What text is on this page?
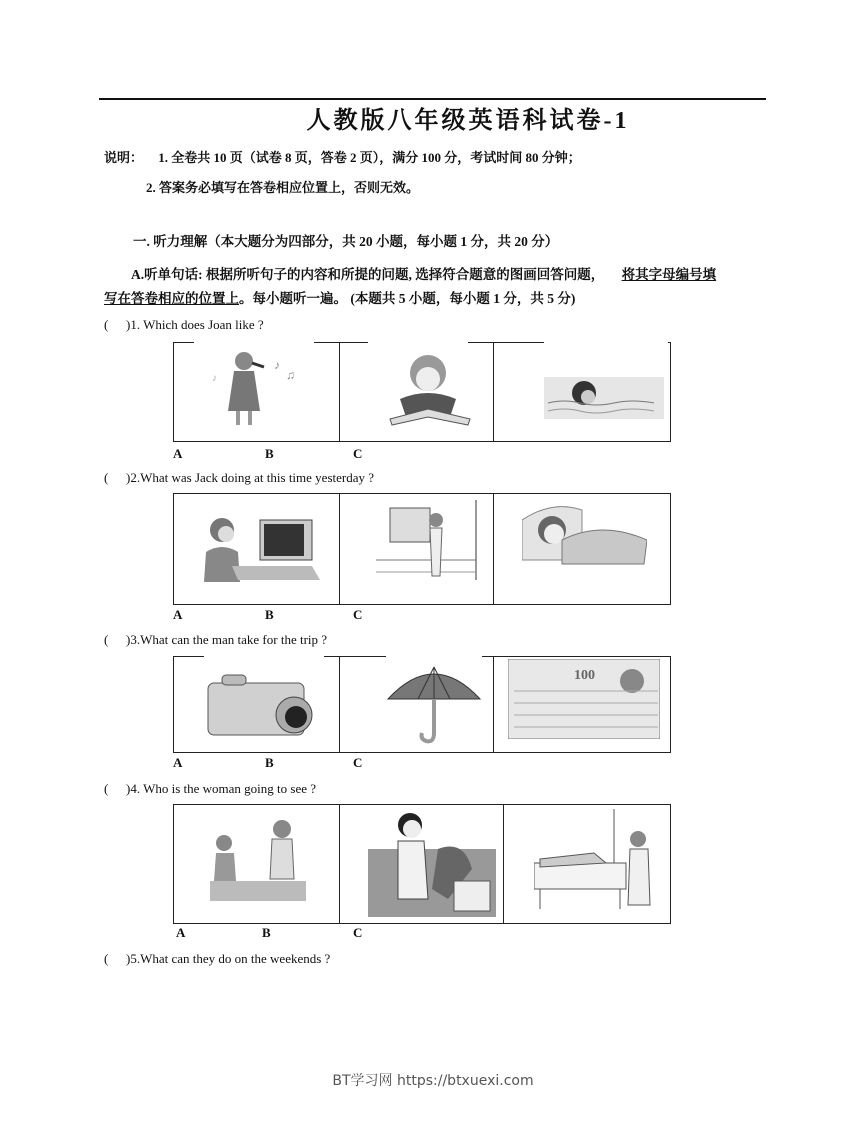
人教版八年级英语科试卷-1
说明： 1. 全卷共 10 页（试卷 8 页，答卷 2 页），满分 100 分，考试时间 80 分钟；
2. 答案务必填写在答卷相应位置上，否则无效。
一. 听力理解（本大题分为四部分，共 20 小题，每小题 1 分，共 20 分）
A.听单句话: 根据所听句子的内容和所提的问题, 选择符合题意的图画回答问题， 将其字母编号填
写在答卷相应的位置上。每小题听一遍。 (本题共 5 小题，每小题 1 分，共 5 分)
( )1. Which does Joan like ?
♪
♫
♪
A	B	C
( )2.What was Jack doing at this time yesterday ?
A	B	C
( )3.What can the man take for the trip ?
100
A	B	C
( )4. Who is the woman going to see ?
A	B	C
( )5.What can they do on the weekends ?
BT学习网 https://btxuexi.com
